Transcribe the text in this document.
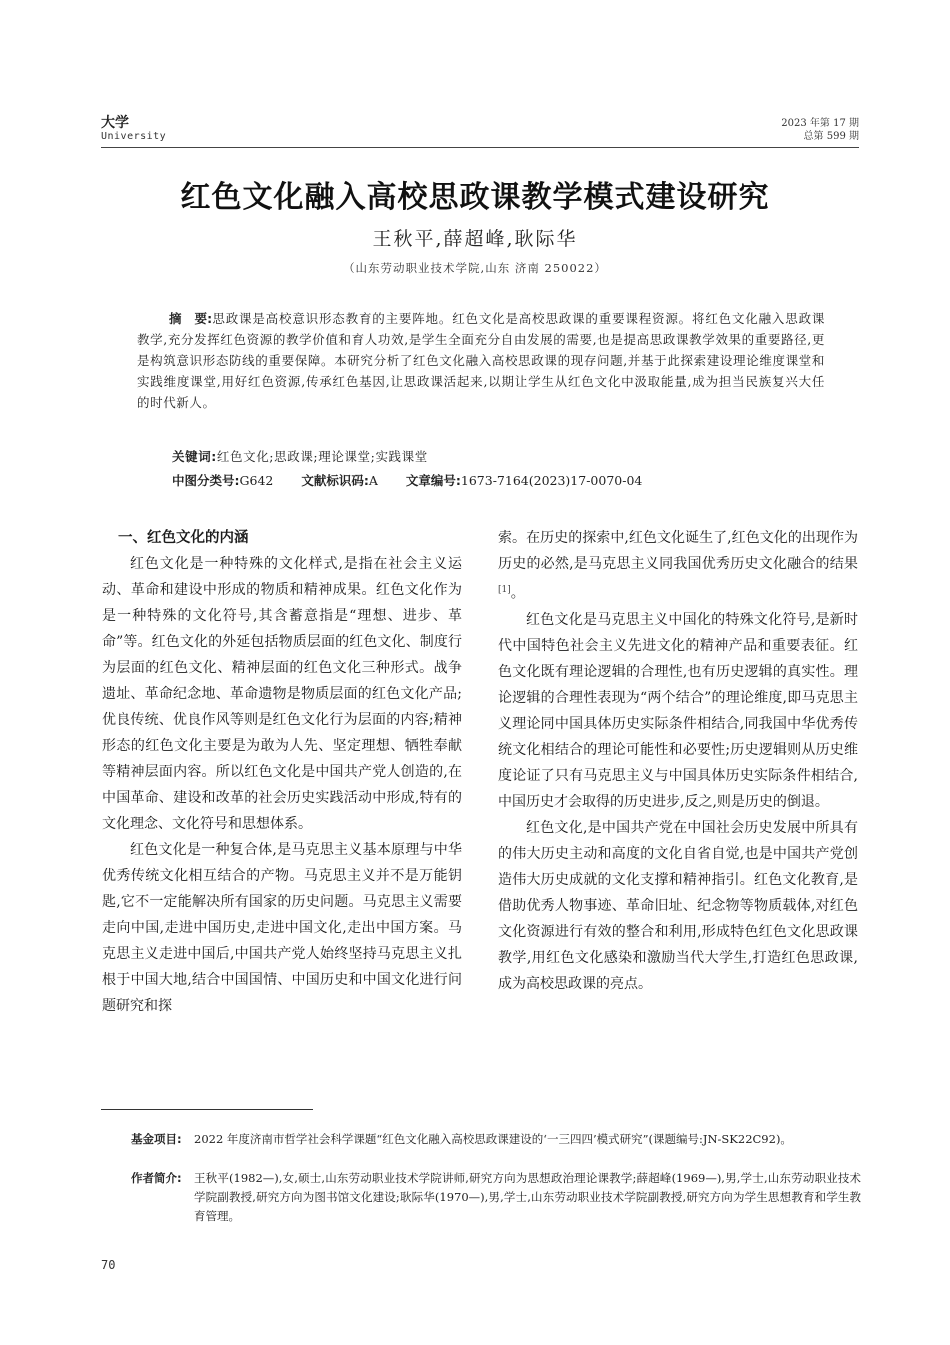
大学
University
2023 年第 17 期
总第 599 期
红色文化融入高校思政课教学模式建设研究
王秋平,薛超峰,耿际华
（山东劳动职业技术学院,山东 济南 250022）
摘　要:思政课是高校意识形态教育的主要阵地。红色文化是高校思政课的重要课程资源。将红色文化融入思政课教学,充分发挥红色资源的教学价值和育人功效,是学生全面充分自由发展的需要,也是提高思政课教学效果的重要路径,更是构筑意识形态防线的重要保障。本研究分析了红色文化融入高校思政课的现存问题,并基于此探索建设理论维度课堂和实践维度课堂,用好红色资源,传承红色基因,让思政课活起来,以期让学生从红色文化中汲取能量,成为担当民族复兴大任的时代新人。
关键词:红色文化;思政课;理论课堂;实践课堂
中图分类号:G642 文献标识码:A 文章编号:1673-7164(2023)17-0070-04
一、红色文化的内涵

红色文化是一种特殊的文化样式,是指在社会主义运动、革命和建设中形成的物质和精神成果。红色文化作为是一种特殊的文化符号,其含蓄意指是“理想、进步、革命”等。红色文化的外延包括物质层面的红色文化、制度行为层面的红色文化、精神层面的红色文化三种形式。战争遗址、革命纪念地、革命遗物是物质层面的红色文化产品;优良传统、优良作风等则是红色文化行为层面的内容;精神形态的红色文化主要是为敢为人先、坚定理想、牺牲奉献等精神层面内容。所以红色文化是中国共产党人创造的,在中国革命、建设和改革的社会历史实践活动中形成,特有的文化理念、文化符号和思想体系。

红色文化是一种复合体,是马克思主义基本原理与中华优秀传统文化相互结合的产物。马克思主义并不是万能钥匙,它不一定能解决所有国家的历史问题。马克思主义需要走向中国,走进中国历史,走进中国文化,走出中国方案。马克思主义走进中国后,中国共产党人始终坚持马克思主义扎根于中国大地,结合中国国情、中国历史和中国文化进行问题研究和探

索。在历史的探索中,红色文化诞生了,红色文化的出现作为历史的必然,是马克思主义同我国优秀历史文化融合的结果[1]。

红色文化是马克思主义中国化的特殊文化符号,是新时代中国特色社会主义先进文化的精神产品和重要表征。红色文化既有理论逻辑的合理性,也有历史逻辑的真实性。理论逻辑的合理性表现为“两个结合”的理论维度,即马克思主义理论同中国具体历史实际条件相结合,同我国中华优秀传统文化相结合的理论可能性和必要性;历史逻辑则从历史维度论证了只有马克思主义与中国具体历史实际条件相结合,中国历史才会取得的历史进步,反之,则是历史的倒退。

红色文化,是中国共产党在中国社会历史发展中所具有的伟大历史主动和高度的文化自省自觉,也是中国共产党创造伟大历史成就的文化支撑和精神指引。红色文化教育,是借助优秀人物事迹、革命旧址、纪念物等物质载体,对红色文化资源进行有效的整合和利用,形成特色红色文化思政课教学,用红色文化感染和激励当代大学生,打造红色思政课,成为高校思政课的亮点。

基金项目: 2022 年度济南市哲学社会科学课题“红色文化融入高校思政课建设的‘一三四四’模式研究”(课题编号:JN-SK22C92)。
作者简介: 王秋平(1982—),女,硕士,山东劳动职业技术学院讲师,研究方向为思想政治理论课教学;薛超峰(1969—),男,学士,山东劳动职业技术学院副教授,研究方向为图书馆文化建设;耿际华(1970—),男,学士,山东劳动职业技术学院副教授,研究方向为学生思想教育和学生教育管理。
70
